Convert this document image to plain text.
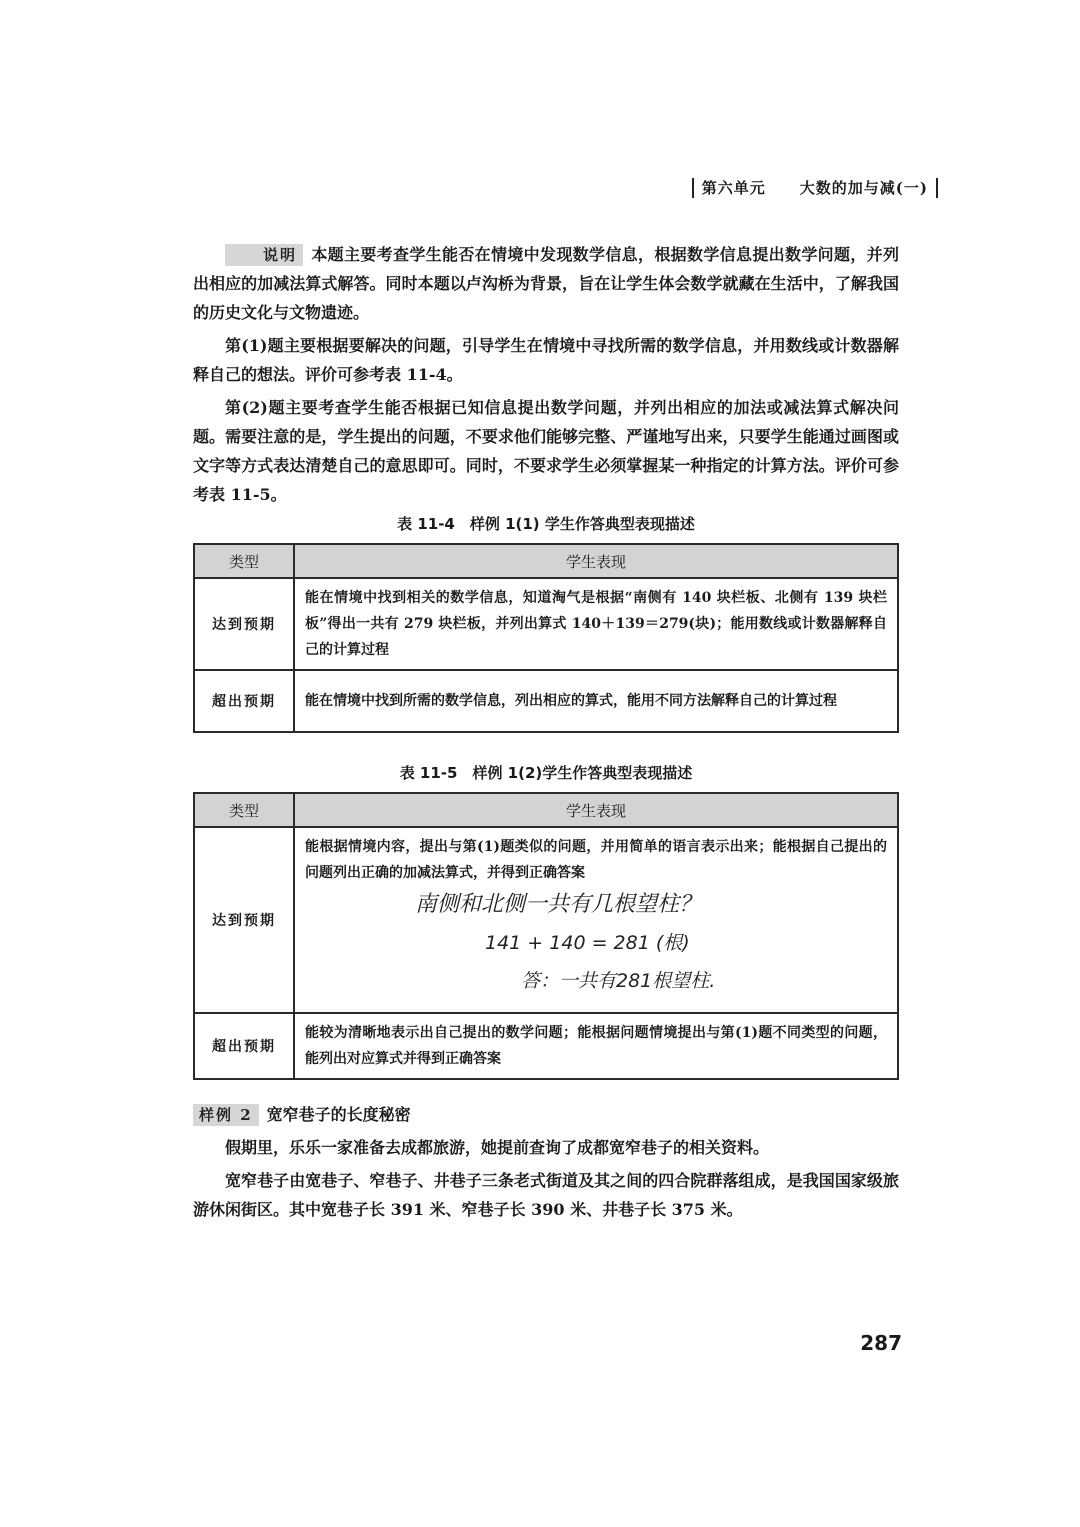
第六单元 大数的加与减(一)

说明 本题主要考查学生能否在情境中发现数学信息，根据数学信息提出数学问题，并列出相应的加减法算式解答。同时本题以卢沟桥为背景，旨在让学生体会数学就藏在生活中，了解我国的历史文化与文物遗迹。

第(1)题主要根据要解决的问题，引导学生在情境中寻找所需的数学信息，并用数线或计数器解释自己的想法。评价可参考表 11-4。

第(2)题主要考查学生能否根据已知信息提出数学问题，并列出相应的加法或减法算式解决问题。需要注意的是，学生提出的问题，不要求他们能够完整、严谨地写出来，只要学生能通过画图或文字等方式表达清楚自己的意思即可。同时，不要求学生必须掌握某一种指定的计算方法。评价可参考表 11-5。

表 11-4　样例 1(1) 学生作答典型表现描述
类型	学生表现
达到预期	能在情境中找到相关的数学信息，知道淘气是根据“南侧有 140 块栏板、北侧有 139 块栏板”得出一共有 279 块栏板，并列出算式 140＋139＝279(块)；能用数线或计数器解释自己的计算过程
超出预期	能在情境中找到所需的数学信息，列出相应的算式，能用不同方法解释自己的计算过程
表 11-5　样例 1(2)学生作答典型表现描述
类型	学生表现
达到预期	能根据情境内容，提出与第(1)题类似的问题，并用简单的语言表示出来；能根据自己提出的问题列出正确的加减法算式，并得到正确答案
南侧和北侧一共有几根望柱？
141 + 140 = 281 (根)
答：一共有281根望柱.

超出预期	能较为清晰地表示出自己提出的数学问题；能根据问题情境提出与第(1)题不同类型的问题，能列出对应算式并得到正确答案

样例 2 宽窄巷子的长度秘密

假期里，乐乐一家准备去成都旅游，她提前查询了成都宽窄巷子的相关资料。

宽窄巷子由宽巷子、窄巷子、井巷子三条老式街道及其之间的四合院群落组成，是我国国家级旅游休闲街区。其中宽巷子长 391 米、窄巷子长 390 米、井巷子长 375 米。

287
